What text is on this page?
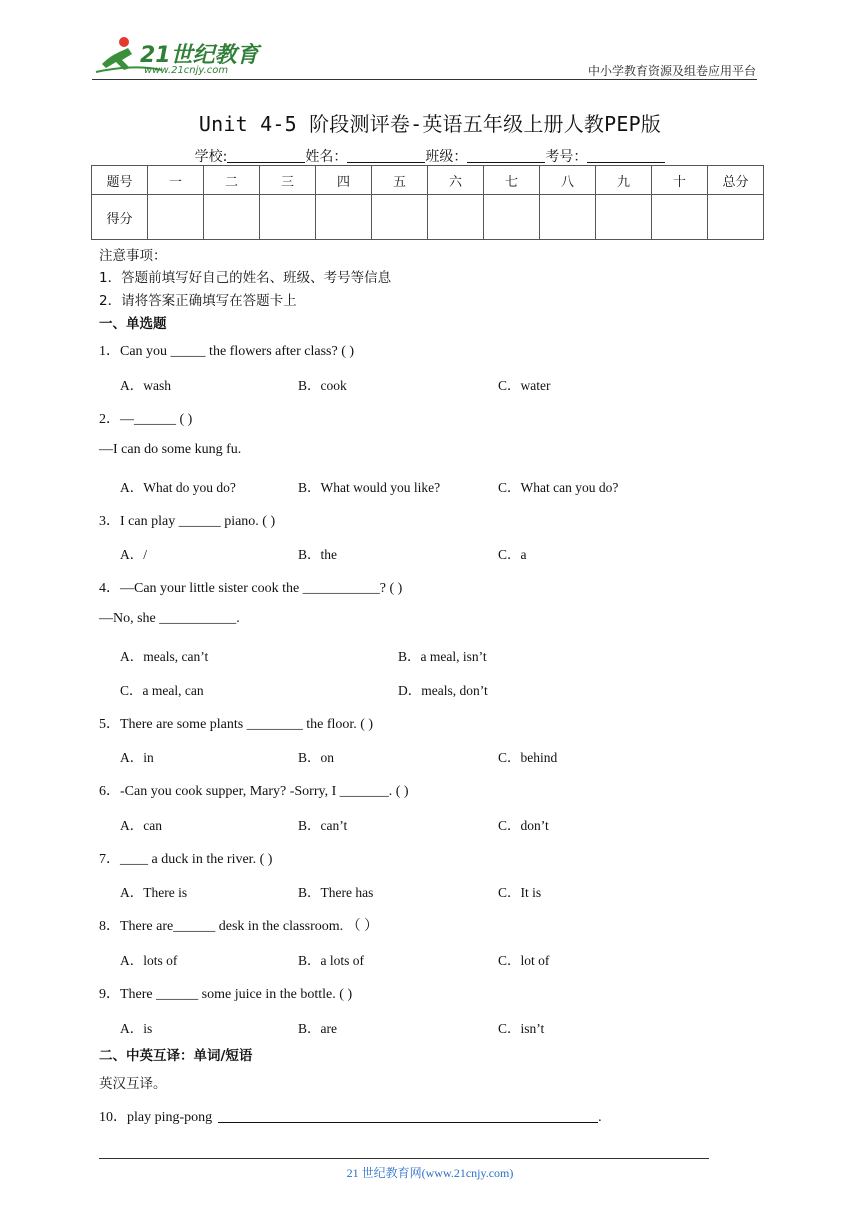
21世纪教育
www.21cnjy.com	中小学教育资源及组卷应用平台
Unit 4-5 阶段测评卷-英语五年级上册人教PEP版
学校:	姓名：	班级：	考号：
题号	一	二	三	四	五	六	七	八	九	十	总分
得分											
注意事项：
1．答题前填写好自己的姓名、班级、考号等信息
2．请将答案正确填写在答题卡上
一、单选题
1．Can you _____ the flowers after class? ( )
A．wash	B．cook	C．water
2．—______ ( )
—I can do some kung fu.
A．What do you do?	B．What would you like?	C．What can you do?
3．I can play ______ piano. ( )
A．/	B．the	C．a
4．—Can your little sister cook the ___________? ( )
—No, she ___________.
A．meals, can’t	B．a meal, isn’t
C．a meal, can	D．meals, don’t
5．There are some plants ________ the floor. ( )
A．in	B．on	C．behind
6．-Can you cook supper, Mary? -Sorry, I _______. ( )
A．can	B．can’t	C．don’t
7．____ a duck in the river. ( )
A．There is	B．There has	C．It is
8．There are______ desk in the classroom. （ ）
A．lots of	B．a lots of	C．lot of
9．There ______ some juice in the bottle. ( )
A．is	B．are	C．isn’t
二、中英互译：单词/短语
英汉互译。
10．play ping-pong	.
21 世纪教育网(www.21cnjy.com)
